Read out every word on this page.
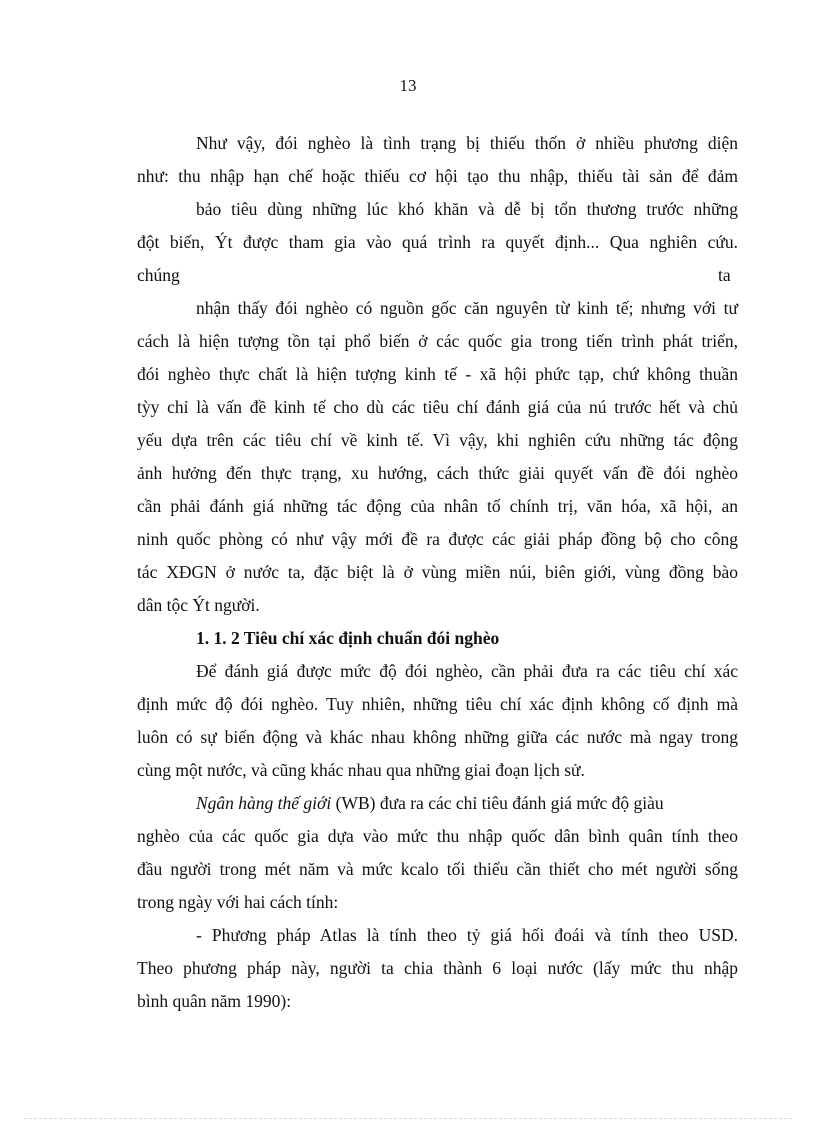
13
Như vậy, đói nghèo là tình trạng bị thiếu thốn ở nhiều phương diện
như: thu nhập hạn chế hoặc thiếu cơ hội tạo thu nhập, thiếu tài sản để đảm
bảo tiêu dùng những lúc khó khăn và dễ bị tổn thương trước những
đột biến, Ýt được tham gia vào quá trình ra quyết định... Qua nghiên cứu.
chúng	ta
nhận thấy đói nghèo có nguồn gốc căn nguyên từ kinh tế; nhưng với tư
cách là hiện tượng tồn tại phổ biến ở các quốc gia trong tiến trình phát triển,
đói nghèo thực chất là hiện tượng kinh tế - xã hội phức tạp, chứ không thuần
tỳy chỉ là vấn đề kinh tế cho dù các tiêu chí đánh giá của nú trước hết và chủ
yếu dựa trên các tiêu chí về kinh tế. Vì vậy, khi nghiên cứu những tác động
ảnh hưởng đến thực trạng, xu hướng, cách thức giải quyết vấn đề đói nghèo
cần phải đánh giá những tác động của nhân tố chính trị, văn hóa, xã hội, an
ninh quốc phòng có như vậy mới đề ra được các giải pháp đồng bộ cho công
tác XĐGN ở nước ta, đặc biệt là ở vùng miền núi, biên giới, vùng đồng bào
dân tộc Ýt người.
1. 1. 2 Tiêu chí xác định chuẩn đói nghèo
Để đánh giá được mức độ đói nghèo, cần phải đưa ra các tiêu chí xác
định mức độ đói nghèo. Tuy nhiên, những tiêu chí xác định không cố định mà
luôn có sự biến động và khác nhau không những giữa các nước mà ngay trong
cùng một nước, và cũng khác nhau qua những giai đoạn lịch sử.
Ngân hàng thế giới (WB) đưa ra các chỉ tiêu đánh giá mức độ giàu
nghèo của các quốc gia dựa vào mức thu nhập quốc dân bình quân tính theo
đầu người trong mét năm và mức kcalo tối thiểu cần thiết cho mét người sống
trong ngày với hai cách tính:
- Phương pháp Atlas là tính theo tỷ giá hối đoái và tính theo USD.
Theo phương pháp này, người ta chia thành 6 loại nước (lấy mức thu nhập
bình quân năm 1990):
